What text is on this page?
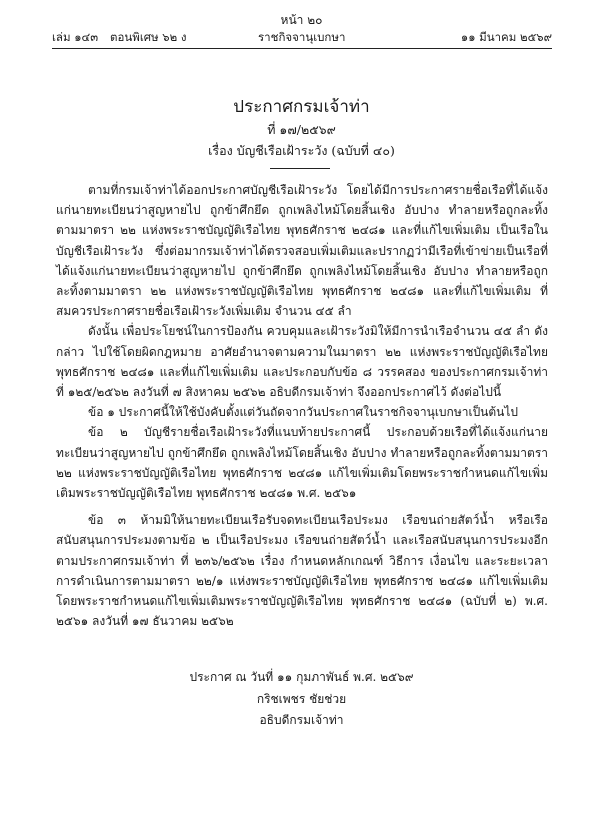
หน้า ๒๐
เล่ม ๑๔๓ ตอนพิเศษ ๖๒ ง	ราชกิจจานุเบกษา	๑๑ มีนาคม ๒๕๖๙
ประกาศกรมเจ้าท่า
ที่ ๑๗/๒๕๖๙
เรื่อง บัญชีเรือเฝ้าระวัง (ฉบับที่ ๔๐)

ตามที่กรมเจ้าท่าได้ออกประกาศบัญชีเรือเฝ้าระวัง โดยได้มีการประกาศรายชื่อเรือที่ได้แจ้งแก่นายทะเบียนว่าสูญหายไป ถูกข้าศึกยึด ถูกเพลิงไหม้โดยสิ้นเชิง อับปาง ทำลายหรือถูกละทิ้งตามมาตรา ๒๒ แห่งพระราชบัญญัติเรือไทย พุทธศักราช ๒๔๘๑ และที่แก้ไขเพิ่มเติม เป็นเรือในบัญชีเรือเฝ้าระวัง ซึ่งต่อมากรมเจ้าท่าได้ตรวจสอบเพิ่มเติมและปรากฏว่ามีเรือที่เข้าข่ายเป็นเรือที่ได้แจ้งแก่นายทะเบียนว่าสูญหายไป ถูกข้าศึกยึด ถูกเพลิงไหม้โดยสิ้นเชิง อับปาง ทำลายหรือถูกละทิ้งตามมาตรา ๒๒ แห่งพระราชบัญญัติเรือไทย พุทธศักราช ๒๔๘๑ และที่แก้ไขเพิ่มเติม ที่สมควรประกาศรายชื่อเรือเฝ้าระวังเพิ่มเติม จำนวน ๔๕ ลำ

ดังนั้น เพื่อประโยชน์ในการป้องกัน ควบคุมและเฝ้าระวังมิให้มีการนำเรือจำนวน ๔๕ ลำ ดังกล่าว ไปใช้โดยผิดกฎหมาย อาศัยอำนาจตามความในมาตรา ๒๒ แห่งพระราชบัญญัติเรือไทย พุทธศักราช ๒๔๘๑ และที่แก้ไขเพิ่มเติม และประกอบกับข้อ ๘ วรรคสอง ของประกาศกรมเจ้าท่า ที่ ๑๒๕/๒๕๖๒ ลงวันที่ ๗ สิงหาคม ๒๕๖๒ อธิบดีกรมเจ้าท่า จึงออกประกาศไว้ ดังต่อไปนี้

ข้อ ๑ ประกาศนี้ให้ใช้บังคับตั้งแต่วันถัดจากวันประกาศในราชกิจจานุเบกษาเป็นต้นไป

ข้อ ๒ บัญชีรายชื่อเรือเฝ้าระวังที่แนบท้ายประกาศนี้ ประกอบด้วยเรือที่ได้แจ้งแก่นายทะเบียนว่าสูญหายไป ถูกข้าศึกยึด ถูกเพลิงไหม้โดยสิ้นเชิง อับปาง ทำลายหรือถูกละทิ้งตามมาตรา ๒๒ แห่งพระราชบัญญัติเรือไทย พุทธศักราช ๒๔๘๑ แก้ไขเพิ่มเติมโดยพระราชกำหนดแก้ไขเพิ่มเติมพระราชบัญญัติเรือไทย พุทธศักราช ๒๔๘๑ พ.ศ. ๒๕๖๑

ข้อ ๓ ห้ามมิให้นายทะเบียนเรือรับจดทะเบียนเรือประมง เรือขนถ่ายสัตว์น้ำ หรือเรือสนับสนุนการประมงตามข้อ ๒ เป็นเรือประมง เรือขนถ่ายสัตว์น้ำ และเรือสนับสนุนการประมงอีกตามประกาศกรมเจ้าท่า ที่ ๒๓๖/๒๕๖๒ เรื่อง กำหนดหลักเกณฑ์ วิธีการ เงื่อนไข และระยะเวลาการดำเนินการตามมาตรา ๒๒/๑ แห่งพระราชบัญญัติเรือไทย พุทธศักราช ๒๔๘๑ แก้ไขเพิ่มเติมโดยพระราชกำหนดแก้ไขเพิ่มเติมพระราชบัญญัติเรือไทย พุทธศักราช ๒๔๘๑ (ฉบับที่ ๒) พ.ศ. ๒๕๖๑ ลงวันที่ ๑๗ ธันวาคม ๒๕๖๒

ประกาศ ณ วันที่ ๑๑ กุมภาพันธ์ พ.ศ. ๒๕๖๙
กริชเพชร ชัยช่วย
อธิบดีกรมเจ้าท่า
